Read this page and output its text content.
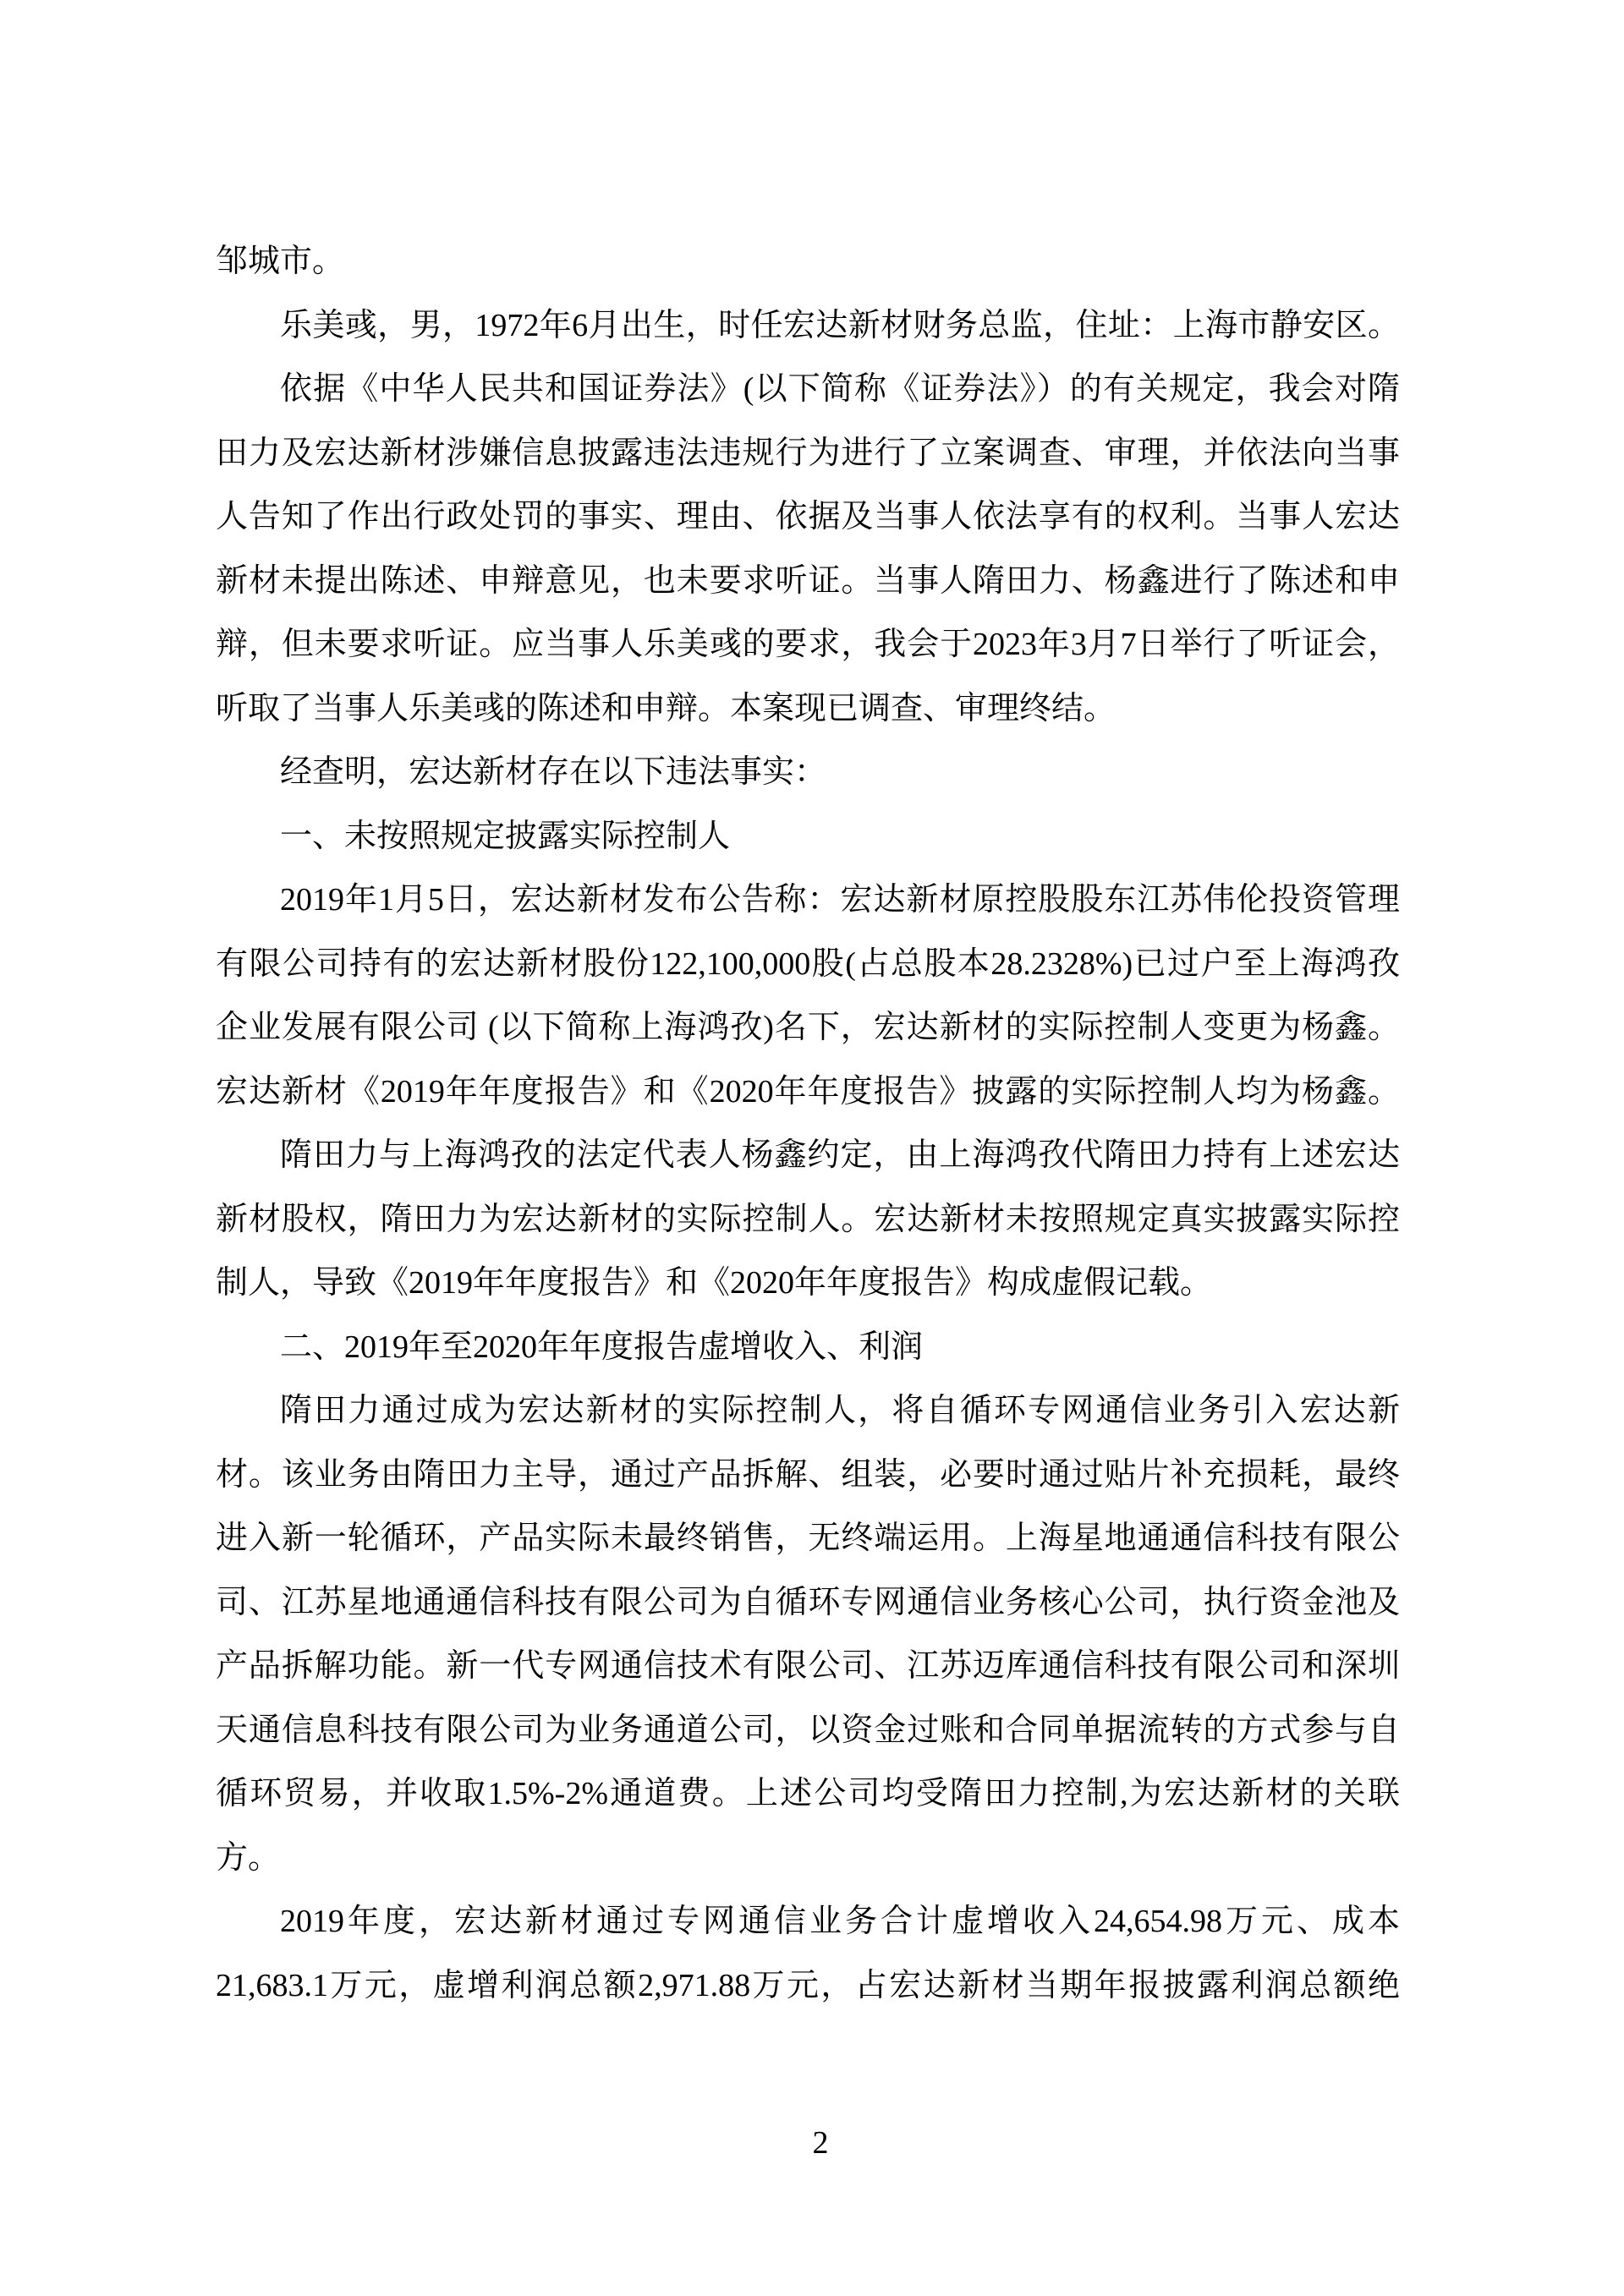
邹城市。
乐美彧，男，1972年6月出生，时任宏达新材财务总监，住址：上海市静安区。
依据《中华人民共和国证券法》(以下简称《证券法》）的有关规定，我会对隋
田力及宏达新材涉嫌信息披露违法违规行为进行了立案调查、审理，并依法向当事
人告知了作出行政处罚的事实、理由、依据及当事人依法享有的权利。当事人宏达
新材未提出陈述、申辩意见，也未要求听证。当事人隋田力、杨鑫进行了陈述和申
辩，但未要求听证。应当事人乐美彧的要求，我会于2023年3月7日举行了听证会，
听取了当事人乐美彧的陈述和申辩。本案现已调查、审理终结。
经查明，宏达新材存在以下违法事实：
一、未按照规定披露实际控制人
2019年1月5日，宏达新材发布公告称：宏达新材原控股股东江苏伟伦投资管理
有限公司持有的宏达新材股份122,100,000股(占总股本28.2328%)已过户至上海鸿孜
企业发展有限公司 (以下简称上海鸿孜)名下，宏达新材的实际控制人变更为杨鑫。
宏达新材《2019年年度报告》和《2020年年度报告》披露的实际控制人均为杨鑫。
隋田力与上海鸿孜的法定代表人杨鑫约定，由上海鸿孜代隋田力持有上述宏达
新材股权，隋田力为宏达新材的实际控制人。宏达新材未按照规定真实披露实际控
制人，导致《2019年年度报告》和《2020年年度报告》构成虚假记载。
二、2019年至2020年年度报告虚增收入、利润
隋田力通过成为宏达新材的实际控制人，将自循环专网通信业务引入宏达新
材。该业务由隋田力主导，通过产品拆解、组装，必要时通过贴片补充损耗，最终
进入新一轮循环，产品实际未最终销售，无终端运用。上海星地通通信科技有限公
司、江苏星地通通信科技有限公司为自循环专网通信业务核心公司，执行资金池及
产品拆解功能。新一代专网通信技术有限公司、江苏迈库通信科技有限公司和深圳
天通信息科技有限公司为业务通道公司，以资金过账和合同单据流转的方式参与自
循环贸易，并收取1.5%-2%通道费。上述公司均受隋田力控制,为宏达新材的关联
方。
2019年度，宏达新材通过专网通信业务合计虚增收入24,654.98万元、成本
21,683.1万元，虚增利润总额2,971.88万元，占宏达新材当期年报披露利润总额绝
2
